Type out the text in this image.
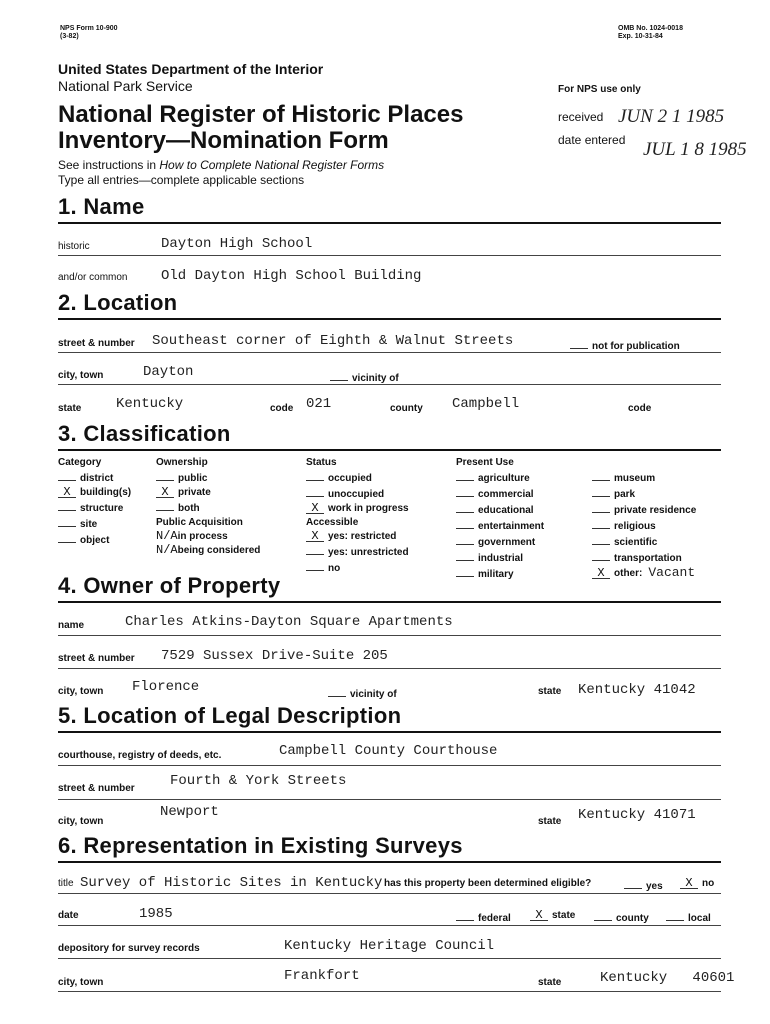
NPS Form 10-900
(3-82)
OMB No. 1024-0018
Exp. 10-31-84
United States Department of the Interior
National Park Service
National Register of Historic Places
Inventory—Nomination Form
See instructions in How to Complete National Register Forms
Type all entries—complete applicable sections
For NPS use only
received JUN 2 1 1985
date entered JUL 1 8 1985
1. Name
historic	Dayton High School
and/or common Old Dayton High School Building
2. Location
street & number Southeast corner of Eighth & Walnut Streets	not for publication
city, town	Dayton	vicinity of
state Kentucky	code 021	county Campbell	code
3. Classification
Category
district
X building(s)
structure
site
object
Ownership
public
X private
both
Public Acquisition
N/Ain process
N/Abeing considered
Status
occupied
unoccupied
X work in progress
Accessible
X yes: restricted
yes: unrestricted
no
Present Use
agriculture
commercial
educational
entertainment
government
industrial
military
museum
park
private residence
religious
scientific
transportation
X other: Vacant
4. Owner of Property
name	Charles Atkins-Dayton Square Apartments
street & number 7529 Sussex Drive-Suite 205
city, town Florence	vicinity of	state Kentucky 41042
5. Location of Legal Description
courthouse, registry of deeds, etc.	Campbell County Courthouse
street & number	Fourth & York Streets
city, town
Newport
state Kentucky 41071
6. Representation in Existing Surveys
title Survey of Historic Sites in Kentucky has this property been determined eligible?	yes	X no
date	1985	federal	X state	county	local
depository for survey records	Kentucky Heritage Council
city, town	Frankfort	state	Kentucky   40601
